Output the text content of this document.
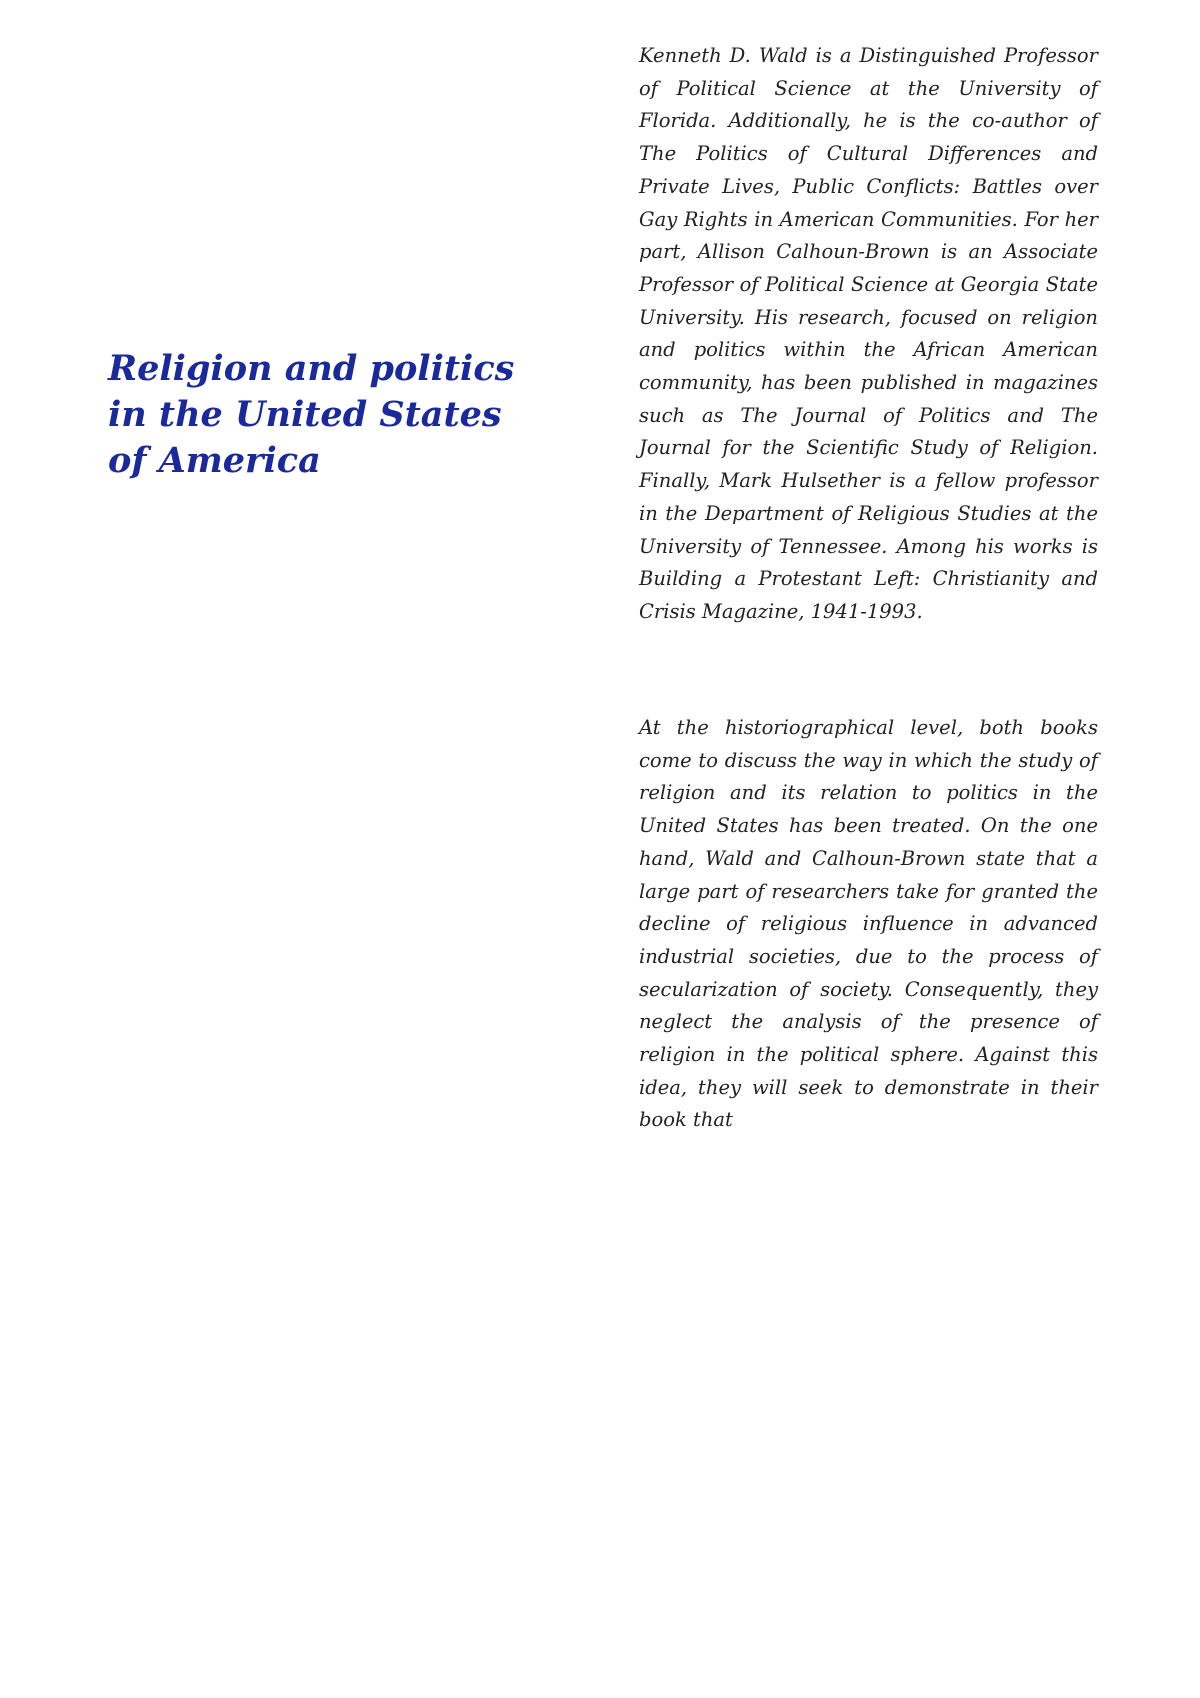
Religion and politics in the United States of America

Kenneth D. Wald is a Distinguished Professor of Political Science at the University of Florida. Additionally, he is the co-author of The Politics of Cultural Differences and Private Lives, Public Conflicts: Battles over Gay Rights in American Communities. For her part, Allison Calhoun-Brown is an Associate Professor of Political Science at Georgia State University. His research, focused on religion and politics within the African American community, has been published in magazines such as The Journal of Politics and The Journal for the Scientific Study of Religion. Finally, Mark Hulsether is a fellow professor in the Department of Religious Studies at the University of Tennessee. Among his works is Building a Protestant Left: Christianity and Crisis Magazine, 1941-1993.

At the historiographical level, both books come to discuss the way in which the study of religion and its relation to politics in the United States has been treated. On the one hand, Wald and Calhoun-Brown state that a large part of researchers take for granted the decline of religious influence in advanced industrial societies, due to the process of secularization of society. Consequently, they neglect the analysis of the presence of religion in the political sphere. Against this idea, they will seek to demonstrate in their book that
